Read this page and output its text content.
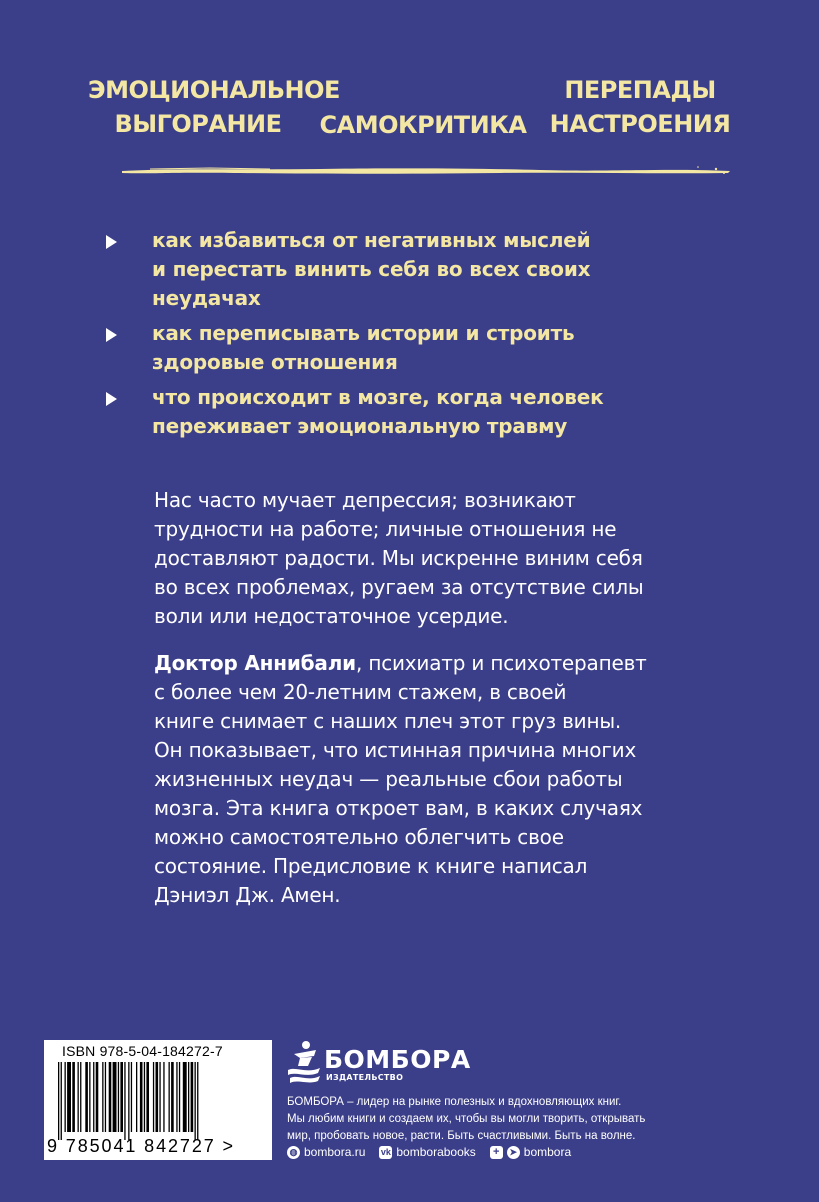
ЭМОЦИОНАЛЬНОЕ
ВЫГОРАНИЕ	САМОКРИТИКА
ПЕРЕПАДЫ
НАСТРОЕНИЯ
как избавиться от негативных мыслей
и перестать винить себя во всех своих
неудачах
как переписывать истории и строить
здоровые отношения
что происходит в мозге, когда человек
переживает эмоциональную травму

Нас часто мучает депрессия; возникают
трудности на работе; личные отношения не
доставляют радости. Мы искренне виним себя
во всех проблемах, ругаем за отсутствие силы
воли или недостаточное усердие.

Доктор Аннибали, психиатр и психотерапевт
с более чем 20-летним стажем, в своей
книге снимает с наших плеч этот груз вины.
Он показывает, что истинная причина многих
жизненных неудач — реальные сбои работы
мозга. Эта книга откроет вам, в каких случаях
можно самостоятельно облегчить свое
состояние. Предисловие к книге написал
Дэниэл Дж. Амен.

ISBN 978-5-04-184272-7
9 785041 842727 >
БОМБОРА
ИЗДАТЕЛЬСТВО
БОМБОРА – лидер на рынке полезных и вдохновляющих книг.
Мы любим книги и создаем их, чтобы вы могли творить, открывать
мир, пробовать новое, расти. Быть счастливыми. Быть на волне.
◍ bombora.ru vk bomborabooks +	➤ bombora
